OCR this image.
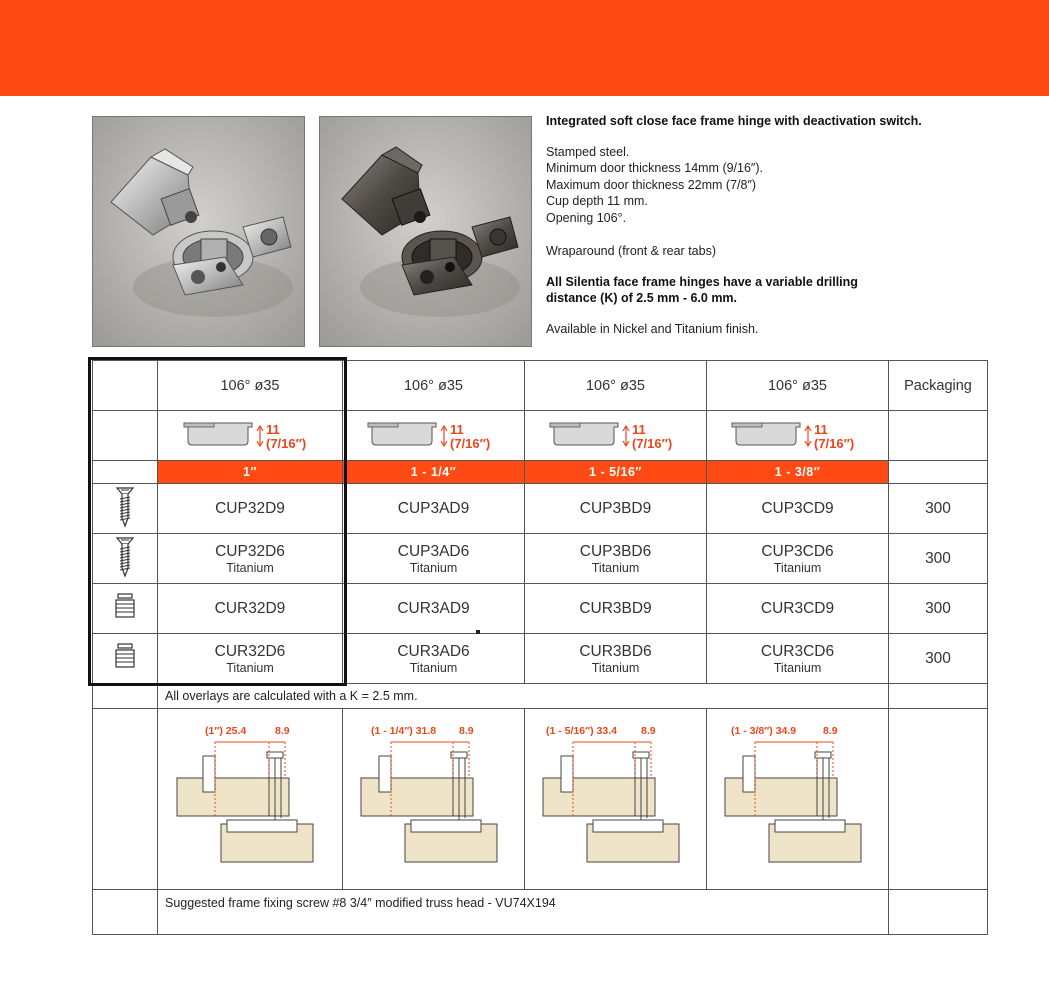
Integrated soft close face frame hinge with deactivation switch.

Stamped steel.

Minimum door thickness 14mm (9/16″).

Maximum door thickness 22mm (7/8″)

Cup depth 11 mm.

Opening 106°.

Wraparound (front & rear tabs)

All Silentia face frame hinges have a variable drilling

distance (K) of 2.5 mm - 6.0 mm.

Available in Nickel and Titanium finish.

	106° ø35	106° ø35	106° ø35	106° ø35	Packaging

11
(7/16″)	11
(7/16″)	11
(7/16″)	11
(7/16″)	

	1″	1 - 1/4″	1 - 5/16″	1 - 3/8″	

CUP32D9	CUP3AD9	CUP3BD9	CUP3CD9	300

CUP32D6
Titanium	CUP3AD6
Titanium	CUP3BD6
Titanium	CUP3CD6
Titanium	300

CUR32D9	CUR3AD9	CUR3BD9	CUR3CD9	300

CUR32D6
Titanium	CUR3AD6
Titanium	CUR3BD6
Titanium	CUR3CD6
Titanium	300
	All overlays are calculated with a K = 2.5 mm.				

(1″) 25.4 8.9	(1 - 1/4″) 31.8 8.9	(1 - 5/16″) 33.4 8.9	(1 - 3/8″) 34.9 8.9	

	Suggested frame fixing screw #8 3/4″ modified truss head - VU74X194				
